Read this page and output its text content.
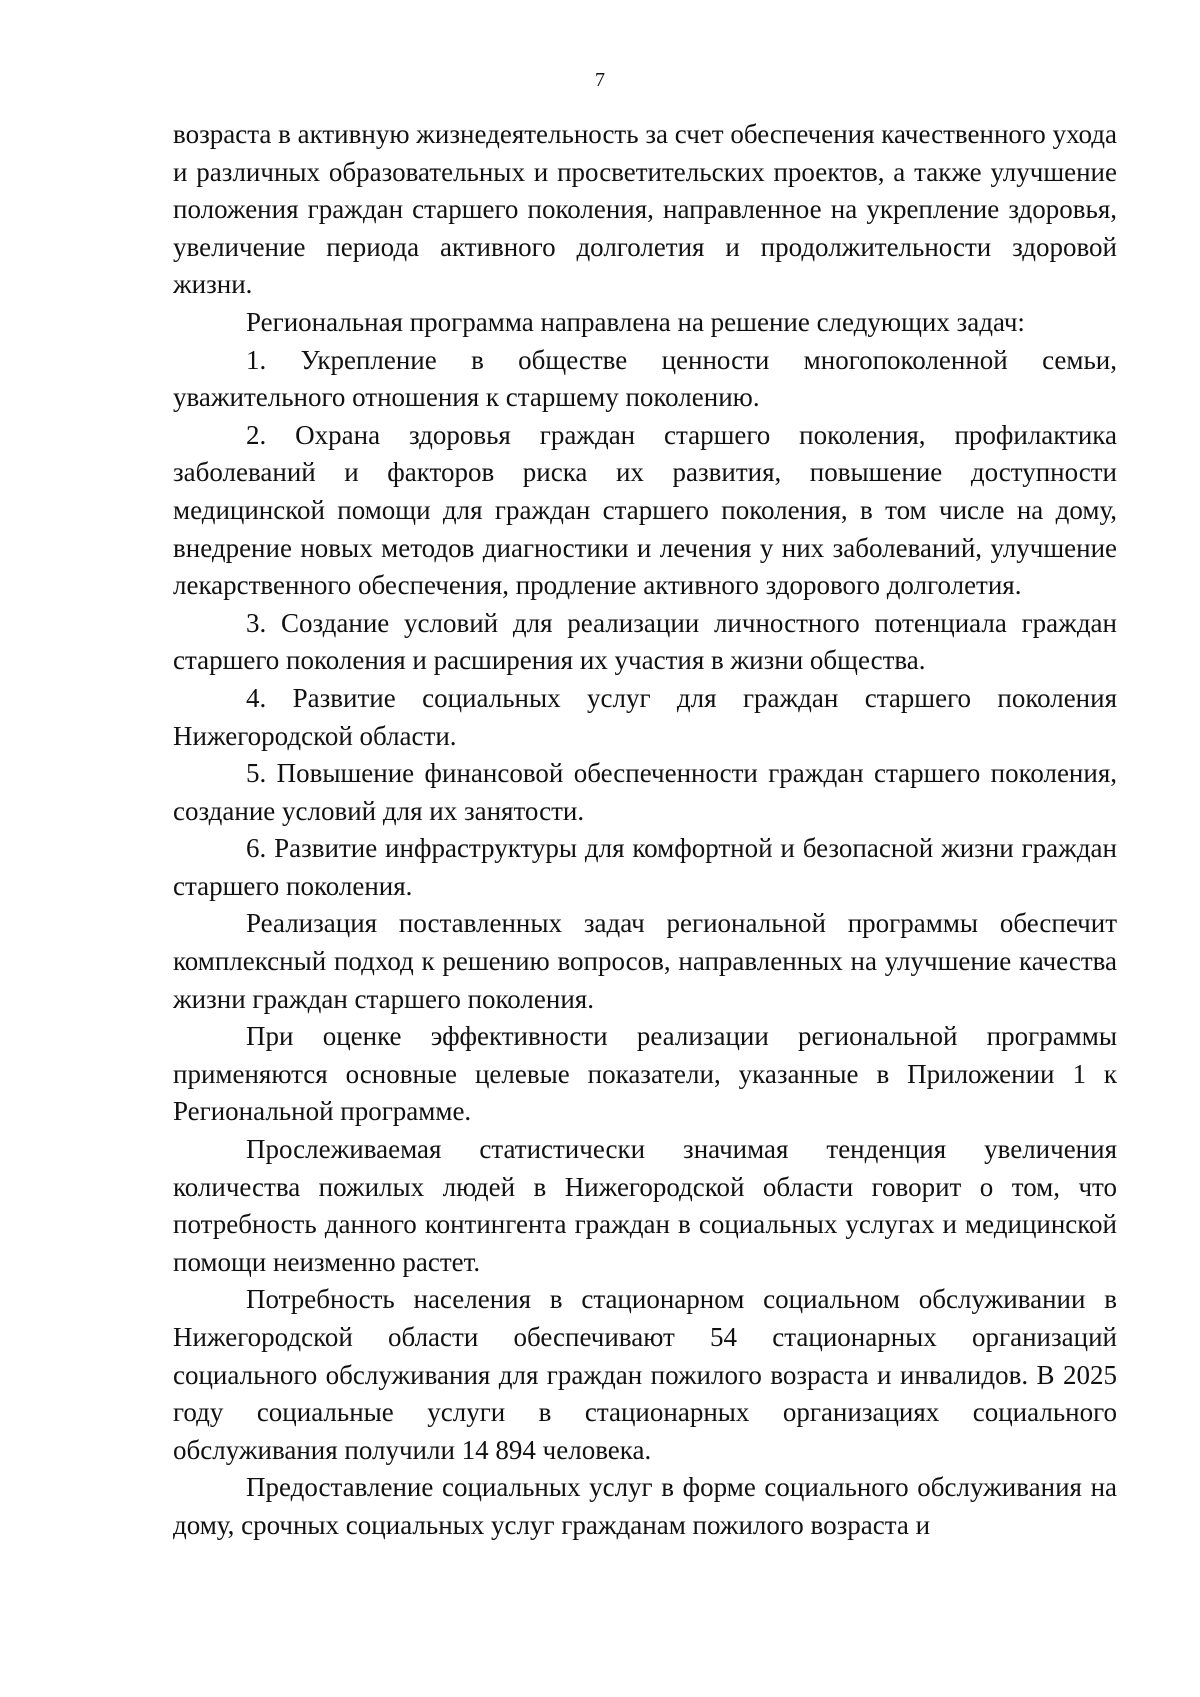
7

возраста в активную жизнедеятельность за счет обеспечения качественного ухода и различных образовательных и просветительских проектов, а также улучшение положения граждан старшего поколения, направленное на укрепление здоровья, увеличение периода активного долголетия и продолжительности здоровой жизни.

Региональная программа направлена на решение следующих задач:

1. Укрепление в обществе ценности многопоколенной семьи, уважительного отношения к старшему поколению.

2. Охрана здоровья граждан старшего поколения, профилактика заболеваний и факторов риска их развития, повышение доступности медицинской помощи для граждан старшего поколения, в том числе на дому, внедрение новых методов диагностики и лечения у них заболеваний, улучшение лекарственного обеспечения, продление активного здорового долголетия.

3. Создание условий для реализации личностного потенциала граждан старшего поколения и расширения их участия в жизни общества.

4. Развитие социальных услуг для граждан старшего поколения Нижегородской области.

5. Повышение финансовой обеспеченности граждан старшего поколения, создание условий для их занятости.

6. Развитие инфраструктуры для комфортной и безопасной жизни граждан старшего поколения.

Реализация поставленных задач региональной программы обеспечит комплексный подход к решению вопросов, направленных на улучшение качества жизни граждан старшего поколения.

При оценке эффективности реализации региональной программы применяются основные целевые показатели, указанные в Приложении 1 к Региональной программе.

Прослеживаемая статистически значимая тенденция увеличения количества пожилых людей в Нижегородской области говорит о том, что потребность данного контингента граждан в социальных услугах и медицинской помощи неизменно растет.

Потребность населения в стационарном социальном обслуживании в Нижегородской области обеспечивают 54 стационарных организаций социального обслуживания для граждан пожилого возраста и инвалидов. В 2025 году социальные услуги в стационарных организациях социального обслуживания получили 14 894 человека.

Предоставление социальных услуг в форме социального обслуживания на дому, срочных социальных услуг гражданам пожилого возраста и
